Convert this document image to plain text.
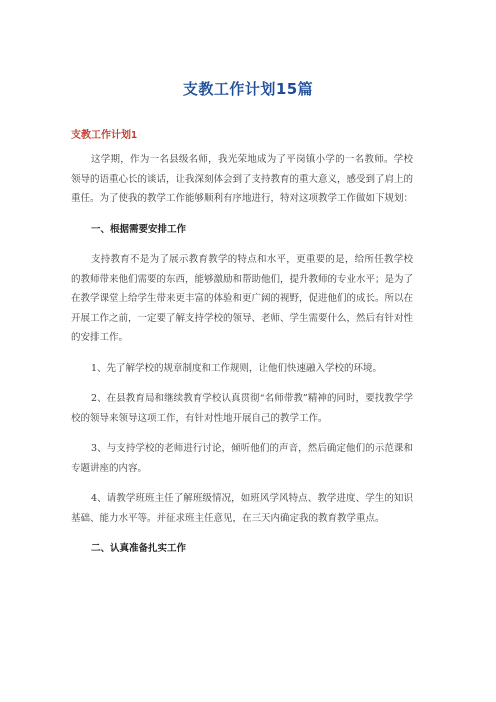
支教工作计划15篇
支教工作计划1

这学期，作为一名县级名师，我光荣地成为了平岗镇小学的一名教师。学校领导的语重心长的谈话，让我深刻体会到了支持教育的重大意义，感受到了肩上的重任。为了使我的教学工作能够顺利有序地进行，特对这项教学工作做如下规划：

一、根据需要安排工作

支持教育不是为了展示教育教学的特点和水平，更重要的是，给所任教学校的教师带来他们需要的东西，能够激励和帮助他们，提升教师的专业水平；是为了在教学课堂上给学生带来更丰富的体验和更广阔的视野，促进他们的成长。所以在开展工作之前，一定要了解支持学校的领导、老师、学生需要什么，然后有针对性的安排工作。

1、先了解学校的规章制度和工作规则，让他们快速融入学校的环境。

2、在县教育局和继续教育学校认真贯彻“名师带教”精神的同时，要找教学学校的领导来领导这项工作，有针对性地开展自己的教学工作。

3、与支持学校的老师进行讨论，倾听他们的声音，然后确定他们的示范课和专题讲座的内容。

4、请教学班班主任了解班级情况，如班风学风特点、教学进度、学生的知识基础、能力水平等。并征求班主任意见，在三天内确定我的教育教学重点。

二、认真准备扎实工作
